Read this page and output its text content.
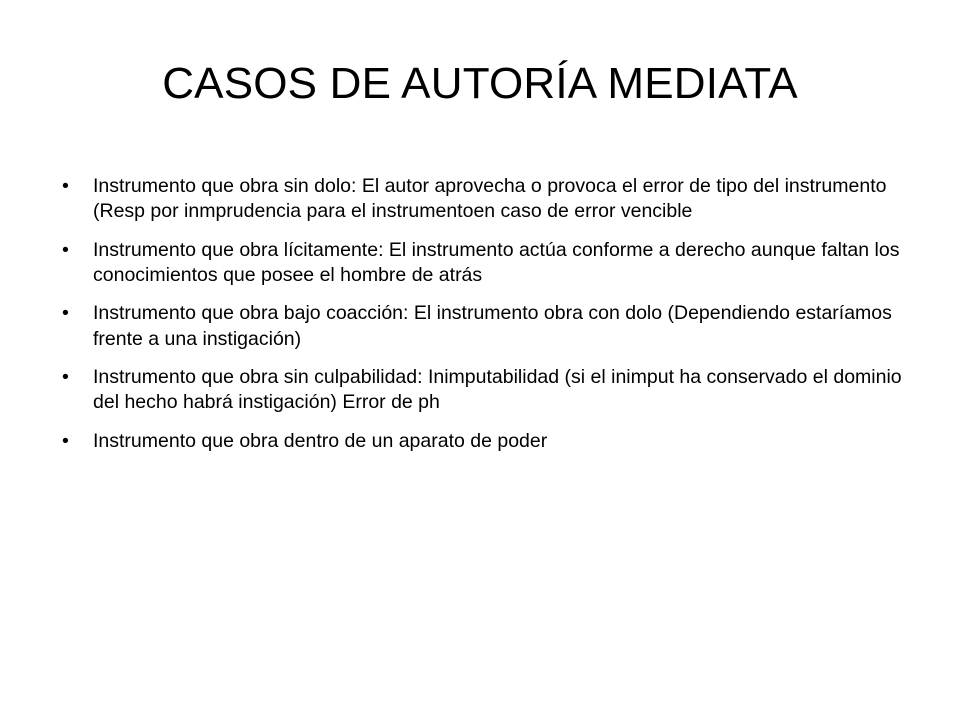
CASOS DE AUTORÍA MEDIATA
• Instrumento que obra sin dolo: El autor aprovecha o provoca el error de tipo del instrumento (Resp por inmprudencia para el instrumentoen caso de error vencible
• Instrumento que obra lícitamente: El instrumento actúa conforme a derecho aunque faltan los conocimientos que posee el hombre de atrás
• Instrumento que obra bajo coacción: El instrumento obra con dolo (Dependiendo estaríamos frente a una instigación)
• Instrumento que obra sin culpabilidad: Inimputabilidad (si el inimput ha conservado el dominio del hecho habrá instigación) Error de ph
• Instrumento que obra dentro de un aparato de poder
